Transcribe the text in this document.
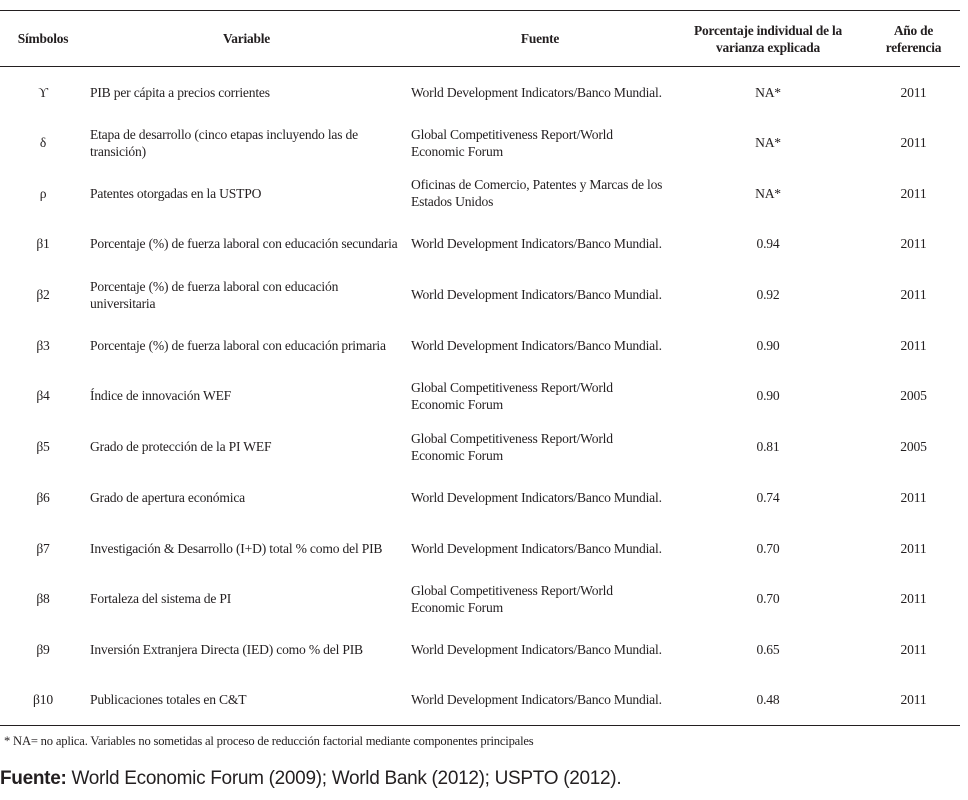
Símbolos	Variable	Fuente	Porcentaje individual de la varianza explicada	Año de referencia
ϒ	PIB per cápita a precios corrientes	World Development Indicators/Banco Mundial.	NA*	2011
δ	Etapa de desarrollo (cinco etapas incluyendo las de transición)	Global Competitiveness Report/World Economic Forum	NA*	2011
ρ	Patentes otorgadas en la USTPO	Oficinas de Comercio, Patentes y Marcas de los Estados Unidos	NA*	2011
β1	Porcentaje (%) de fuerza laboral con educación secundaria	World Development Indicators/Banco Mundial.	0.94	2011
β2	Porcentaje (%) de fuerza laboral con educación universitaria	World Development Indicators/Banco Mundial.	0.92	2011
β3	Porcentaje (%) de fuerza laboral con educación primaria	World Development Indicators/Banco Mundial.	0.90	2011
β4	Índice de innovación WEF	Global Competitiveness Report/World Economic Forum	0.90	2005
β5	Grado de protección de la PI WEF	Global Competitiveness Report/World Economic Forum	0.81	2005
β6	Grado de apertura económica	World Development Indicators/Banco Mundial.	0.74	2011
β7	Investigación & Desarrollo (I+D) total % como del PIB	World Development Indicators/Banco Mundial.	0.70	2011
β8	Fortaleza del sistema de PI	Global Competitiveness Report/World Economic Forum	0.70	2011
β9	Inversión Extranjera Directa (IED) como % del PIB	World Development Indicators/Banco Mundial.	0.65	2011
β10	Publicaciones totales en C&T	World Development Indicators/Banco Mundial.	0.48	2011
* NA= no aplica. Variables no sometidas al proceso de reducción factorial mediante componentes principales
Fuente: World Economic Forum (2009); World Bank (2012); USPTO (2012).
